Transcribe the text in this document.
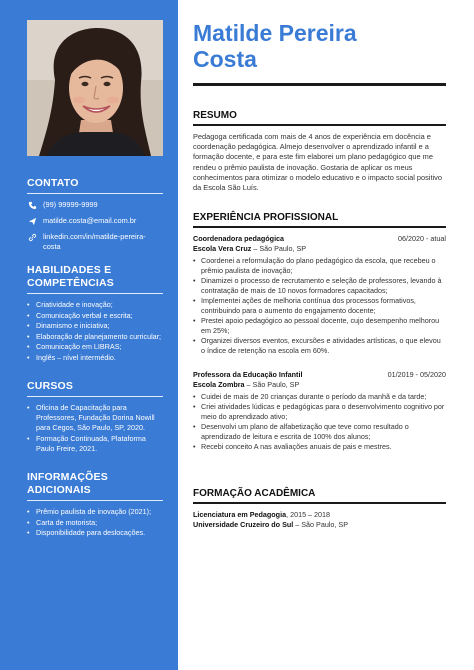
CONTATO
(99) 99999-9999
matilde.costa@email.com.br
linkedin.com/in/matilde-pereira-
costa
HABILIDADES E
COMPETÊNCIAS
• Criatividade e inovação;
• Comunicação verbal e escrita;
• Dinamismo e iniciativa;
• Elaboração de planejamento curricular;
• Comunicação em LIBRAS;
• Inglês – nível intermédio.
CURSOS
• Oficina de Capacitação para Professores, Fundação Dorina Nowill para Cegos, São Paulo, SP, 2020.
• Formação Continuada, Plataforma Paulo Freire, 2021.
INFORMAÇÕES ADICIONAIS
• Prêmio paulista de inovação (2021);
• Carta de motorista;
• Disponibilidade para deslocações.
Matilde Pereira
Costa
RESUMO

Pedagoga certificada com mais de 4 anos de experiência em docência e coordenação pedagógica. Almejo desenvolver o aprendizado infantil e a formação docente, e para este fim elaborei um plano pedagógico que me rendeu o prêmio paulista de inovação. Gostaria de aplicar os meus conhecimentos para otimizar o modelo educativo e o impacto social positivo da Escola São Luís.

EXPERIÊNCIA PROFISSIONAL
Coordenadora pedagógica	06/2020 - atual
Escola Vera Cruz – São Paulo, SP
• Coordenei a reformulação do plano pedagógico da escola, que recebeu o prêmio paulista de inovação;
• Dinamizei o processo de recrutamento e seleção de professores, levando à contratação de mais de 10 novos formadores capacitados;
• Implementei ações de melhoria contínua dos processos formativos, contribuindo para o aumento do engajamento docente;
• Prestei apoio pedagógico ao pessoal docente, cujo desempenho melhorou em 25%;
• Organizei diversos eventos, excursões e atividades artísticas, o que elevou o índice de retenção na escola em 60%.
Professora da Educação Infantil	01/2019 - 05/2020
Escola Zombra – São Paulo, SP
• Cuidei de mais de 20 crianças durante o período da manhã e da tarde;
• Criei atividades lúdicas e pedagógicas para o desenvolvimento cognitivo por meio do aprendizado ativo;
• Desenvolvi um plano de alfabetização que teve como resultado o aprendizado de leitura e escrita de 100% dos alunos;
• Recebi conceito A nas avaliações anuais de pais e mestres.
FORMAÇÃO ACADÊMICA
Licenciatura em Pedagogia, 2015 – 2018
Universidade Cruzeiro do Sul – São Paulo, SP
